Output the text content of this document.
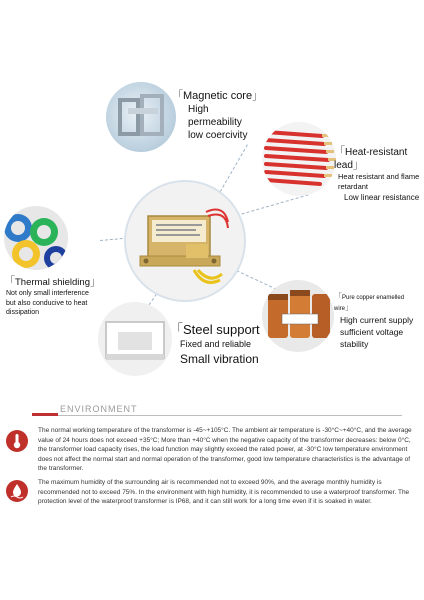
「Magnetic core」
High
permeability
low coercivity
「Heat-resistant lead」
Heat resistant and flame
retardant
Low linear resistance
「Thermal shielding」
Not only small interference
but also conducive to heat
dissipation
「Pure copper enamelled wire」
High current supply
sufficient voltage
stability
「Steel support
Fixed and reliable
Small vibration
ENVIRONMENT
The normal working temperature of the transformer is -45~+105°C. The ambient air temperature is -30°C~+40°C, and the average value of 24 hours does not exceed +35°C; More than +40°C when the negative capacity of the transformer decreases: below 0°C, the transformer load capacity rises, the load function may slightly exceed the rated power, at -30°C low temperature environment does not affect the normal start and normal operation of the transformer, good low temperature characteristics is the advantage of the transformer.
The maximum humidity of the surrounding air is recommended not to exceed 90%, and the average monthly humidity is recommended not to exceed 75%. In the environment with high humidity, it is recommended to use a waterproof transformer. The protection level of the waterproof transformer is IP68, and it can still work for a long time even if it is soaked in water.
